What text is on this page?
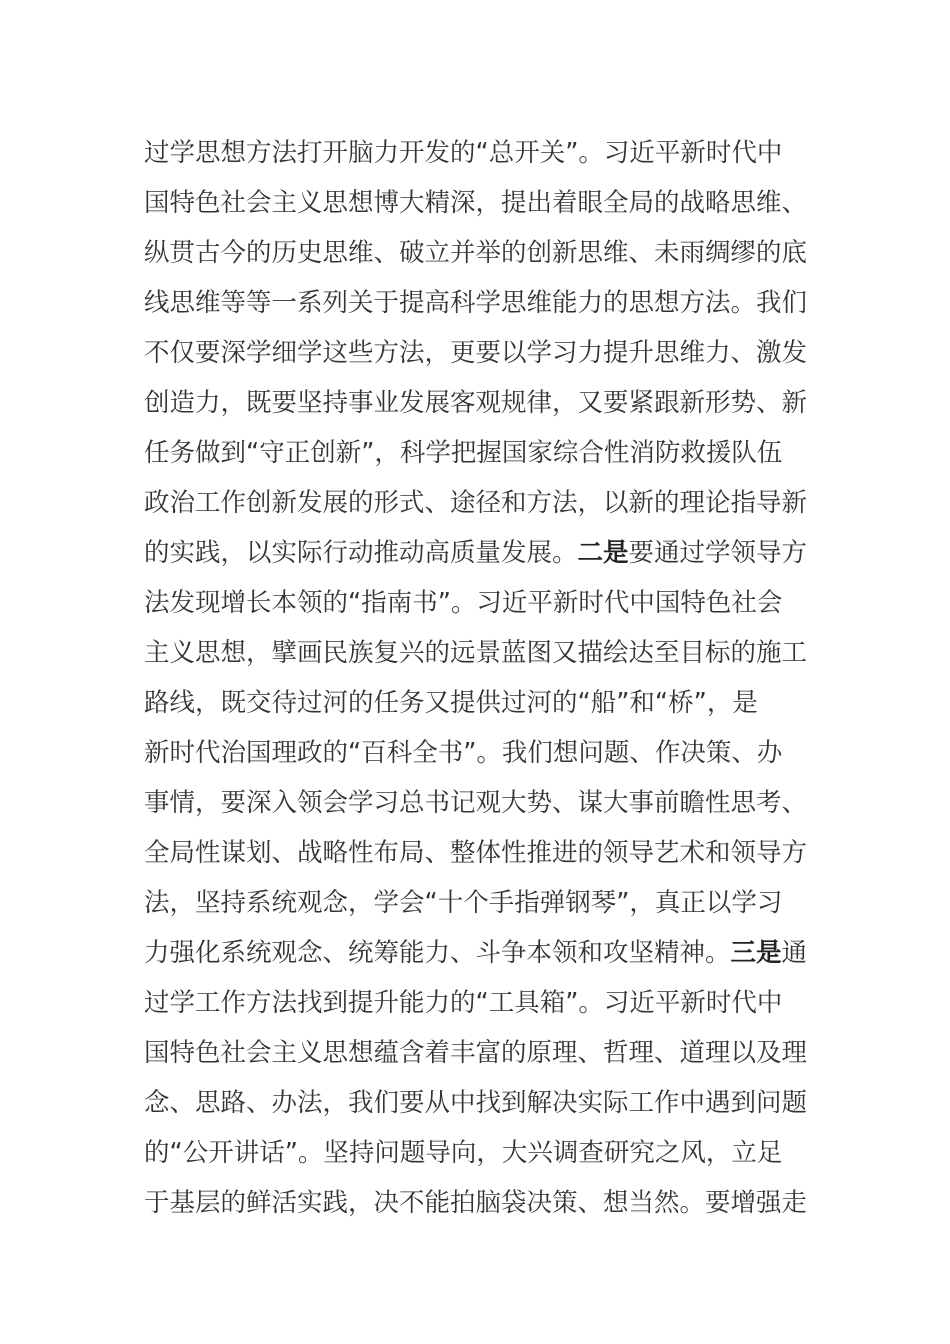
过学思想方法打开脑力开发的“总开关”。习近平新时代中
国特色社会主义思想博大精深，提出着眼全局的战略思维、
纵贯古今的历史思维、破立并举的创新思维、未雨绸缪的底
线思维等等一系列关于提高科学思维能力的思想方法。我们
不仅要深学细学这些方法，更要以学习力提升思维力、激发
创造力，既要坚持事业发展客观规律，又要紧跟新形势、新
任务做到“守正创新”，科学把握国家综合性消防救援队伍
政治工作创新发展的形式、途径和方法，以新的理论指导新
的实践，以实际行动推动高质量发展。二是要通过学领导方
法发现增长本领的“指南书”。习近平新时代中国特色社会
主义思想，擘画民族复兴的远景蓝图又描绘达至目标的施工
路线，既交待过河的任务又提供过河的“船”和“桥”，是
新时代治国理政的“百科全书”。我们想问题、作决策、办
事情，要深入领会学习总书记观大势、谋大事前瞻性思考、
全局性谋划、战略性布局、整体性推进的领导艺术和领导方
法，坚持系统观念，学会“十个手指弹钢琴”，真正以学习
力强化系统观念、统筹能力、斗争本领和攻坚精神。三是通
过学工作方法找到提升能力的“工具箱”。习近平新时代中
国特色社会主义思想蕴含着丰富的原理、哲理、道理以及理
念、思路、办法，我们要从中找到解决实际工作中遇到问题
的“公开讲话”。坚持问题导向，大兴调查研究之风，立足
于基层的鲜活实践，决不能拍脑袋决策、想当然。要增强走
